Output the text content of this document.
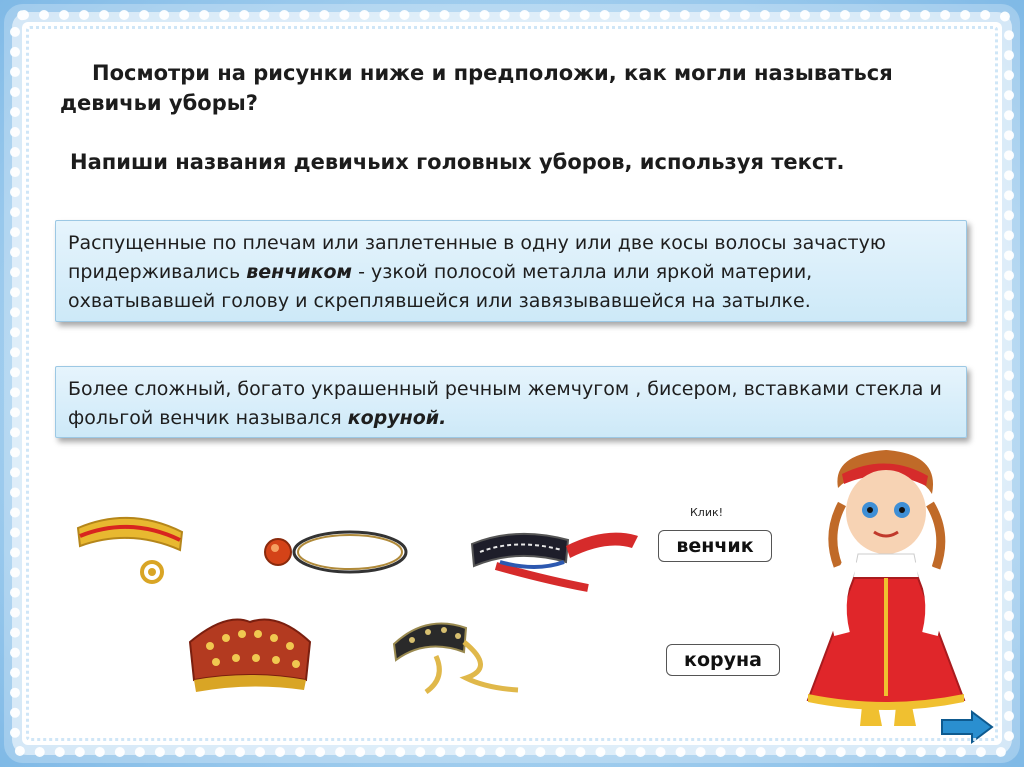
Посмотри на рисунки ниже и предположи, как могли называться девичьи уборы?
Напиши названия девичьих головных уборов, используя текст.
Распущенные по плечам или заплетенные в одну или две косы волосы зачастую придерживались венчиком - узкой полосой металла или яркой материи, охватывавшей голову и скреплявшейся или завязывавшейся на затылке.
Более сложный, богато украшенный речным жемчугом , бисером, вставками стекла и фольгой венчик назывался коруной.
Клик!
венчик
коруна
